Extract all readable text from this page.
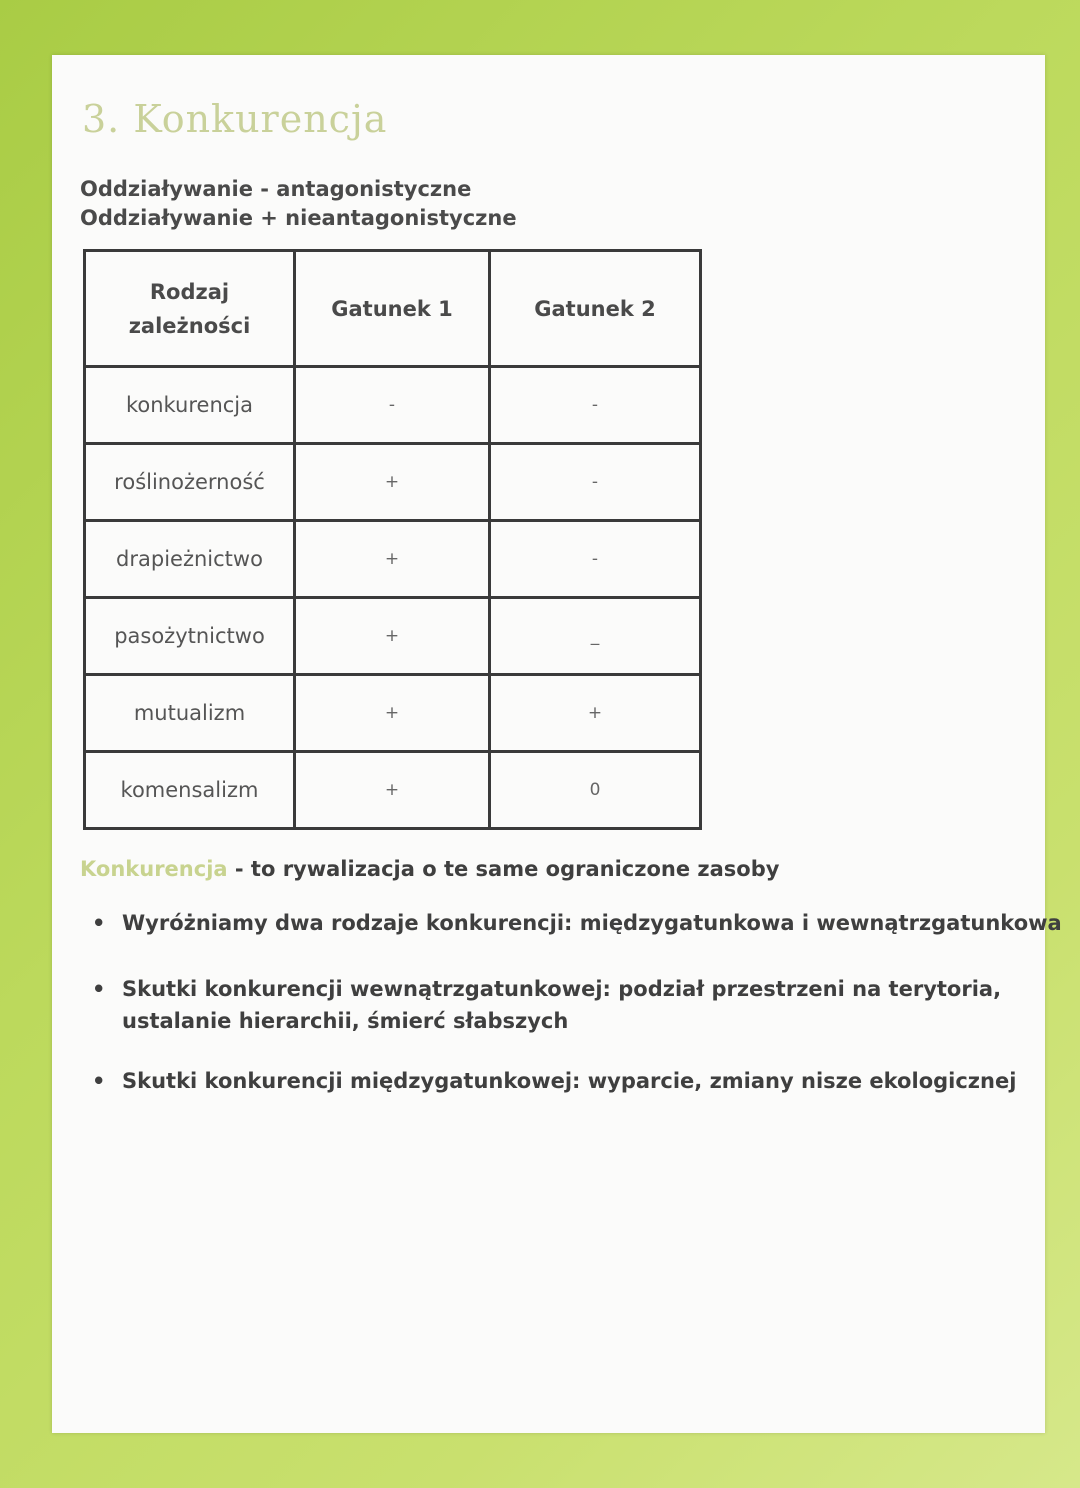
3. Konkurencja
Oddziaływanie - antagonistyczne
Oddziaływanie + nieantagonistyczne
Rodzaj
zależności	Gatunek 1	Gatunek 2
konkurencja	-	-
roślinożerność	+	-
drapieżnictwo	+	-
pasożytnictwo	+	_
mutualizm	+	+
komensalizm	+	0
Konkurencja - to rywalizacja o te same ograniczone zasoby
• Wyróżniamy dwa rodzaje konkurencji: międzygatunkowa i wewnątrzgatunkowa
• Skutki konkurencji wewnątrzgatunkowej: podział przestrzeni na terytoria, ustalanie hierarchii, śmierć słabszych
• Skutki konkurencji międzygatunkowej: wyparcie, zmiany nisze ekologicznej
